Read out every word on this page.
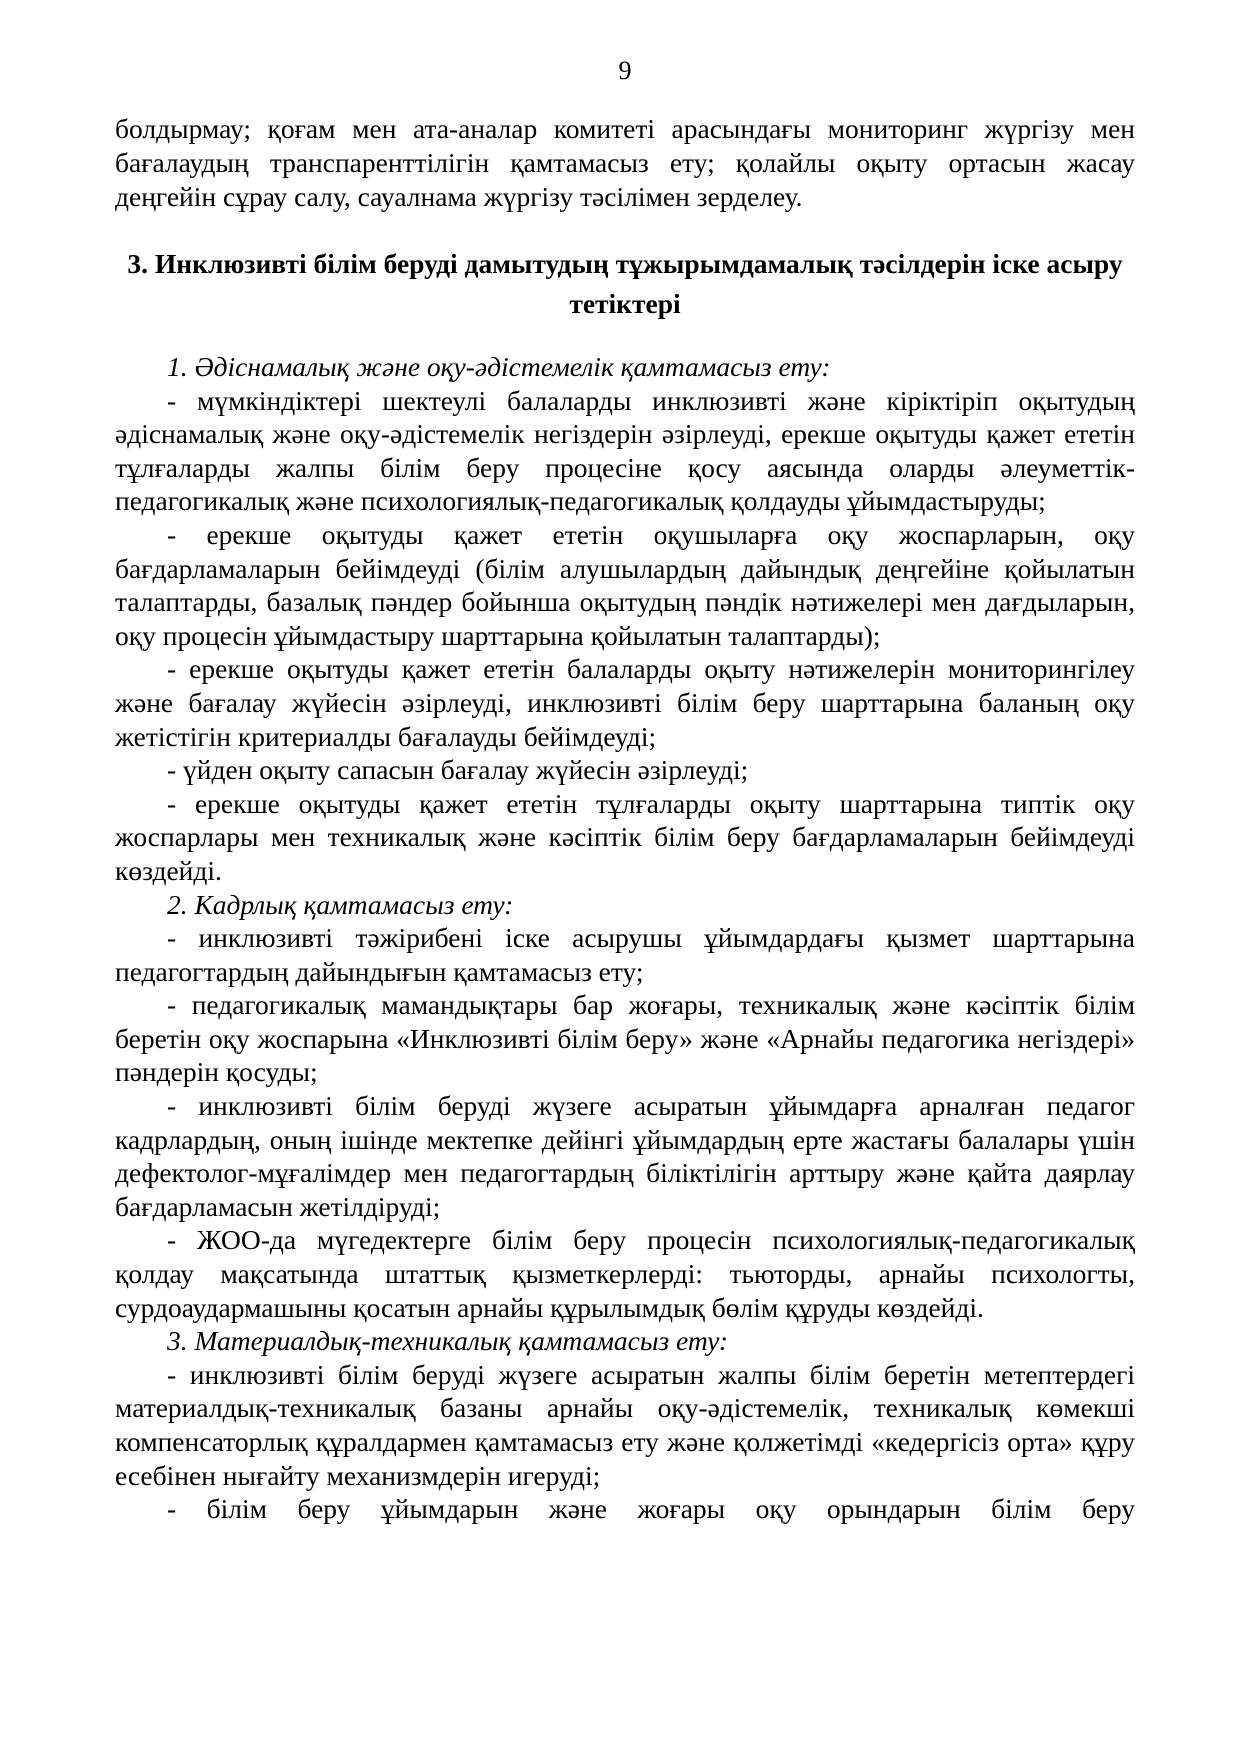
9

болдырмау; қоғам мен ата-аналар комитеті арасындағы мониторинг жүргізу мен бағалаудың транспаренттілігін қамтамасыз ету; қолайлы оқыту ортасын жасау деңгейін сұрау салу, сауалнама жүргізу тәсілімен зерделеу.

3. Инклюзивті білім беруді дамытудың тұжырымдамалық тәсілдерін іске асыру тетіктері

1. Әдіснамалық және оқу-әдістемелік қамтамасыз ету:

- мүмкіндіктері шектеулі балаларды инклюзивті және кіріктіріп оқытудың әдіснамалық және оқу-әдістемелік негіздерін әзірлеуді, ерекше оқытуды қажет ететін тұлғаларды жалпы білім беру процесіне қосу аясында оларды әлеуметтік-педагогикалық және психологиялық-педагогикалық қолдауды ұйымдастыруды;

- ерекше оқытуды қажет ететін оқушыларға оқу жоспарларын, оқу бағдарламаларын бейімдеуді (білім алушылардың дайындық деңгейіне қойылатын талаптарды, базалық пәндер бойынша оқытудың пәндік нәтижелері мен дағдыларын, оқу процесін ұйымдастыру шарттарына қойылатын талаптарды);

- ерекше оқытуды қажет ететін балаларды оқыту нәтижелерін мониторингілеу және бағалау жүйесін әзірлеуді, инклюзивті білім беру шарттарына баланың оқу жетістігін критериалды бағалауды бейімдеуді;

- үйден оқыту сапасын бағалау жүйесін әзірлеуді;

- ерекше оқытуды қажет ететін тұлғаларды оқыту шарттарына типтік оқу жоспарлары мен техникалық және кәсіптік білім беру бағдарламаларын бейімдеуді көздейді.

2. Кадрлық қамтамасыз ету:

- инклюзивті тәжірибені іске асырушы ұйымдардағы қызмет шарттарына педагогтардың дайындығын қамтамасыз ету;

- педагогикалық мамандықтары бар жоғары, техникалық және кәсіптік білім беретін оқу жоспарына «Инклюзивті білім беру» және «Арнайы педагогика негіздері» пәндерін қосуды;

- инклюзивті білім беруді жүзеге асыратын ұйымдарға арналған педагог кадрлардың, оның ішінде мектепке дейінгі ұйымдардың ерте жастағы балалары үшін дефектолог-мұғалімдер мен педагогтардың біліктілігін арттыру және қайта даярлау бағдарламасын жетілдіруді;

- ЖОО-да мүгедектерге білім беру процесін психологиялық-педагогикалық қолдау мақсатында штаттық қызметкерлерді: тьюторды, арнайы психологты, сурдоаудармашыны қосатын арнайы құрылымдық бөлім құруды көздейді.

3. Материалдық-техникалық қамтамасыз ету:

- инклюзивті білім беруді жүзеге асыратын жалпы білім беретін метептердегі материалдық-техникалық базаны арнайы оқу-әдістемелік, техникалық көмекші компенсаторлық құралдармен қамтамасыз ету және қолжетімді «кедергісіз орта» құру есебінен нығайту механизмдерін игеруді;

- білім беру ұйымдарын және жоғары оқу орындарын білім беру
